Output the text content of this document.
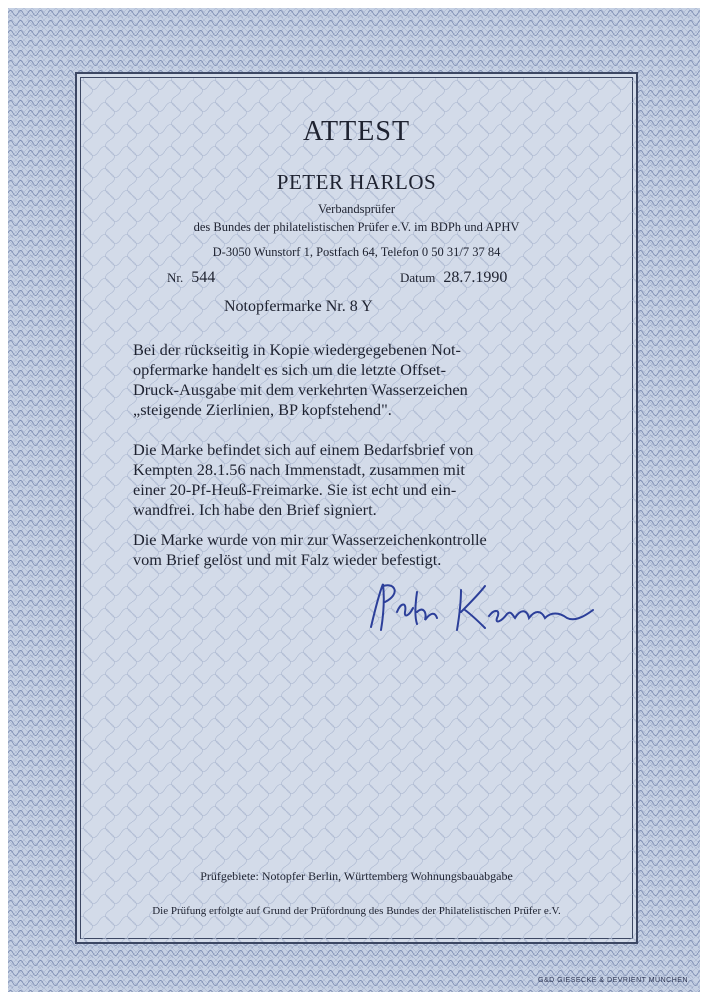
ATTEST
PETER HARLOS
Verbandsprüfer
des Bundes der philatelistischen Prüfer e.V. im BDPh und APHV
D-3050 Wunstorf 1, Postfach 64, Telefon 0 50 31/7 37 84
Nr. 544	Datum 28.7.1990
Notopfermarke Nr. 8 Y
Bei der rückseitig in Kopie wiedergegebenen Not-
opfermarke handelt es sich um die letzte Offset-
Druck-Ausgabe mit dem verkehrten Wasserzeichen
„steigende Zierlinien, BP kopfstehend".
Die Marke befindet sich auf einem Bedarfsbrief von
Kempten 28.1.56 nach Immenstadt, zusammen mit
einer 20-Pf-Heuß-Freimarke. Sie ist echt und ein-
wandfrei. Ich habe den Brief signiert.
Die Marke wurde von mir zur Wasserzeichenkontrolle
vom Brief gelöst und mit Falz wieder befestigt.
Prüfgebiete: Notopfer Berlin, Württemberg Wohnungsbauabgabe
Die Prüfung erfolgte auf Grund der Prüfordnung des Bundes der Philatelistischen Prüfer e.V.
G&D GIESECKE & DEVRIENT MÜNCHEN
